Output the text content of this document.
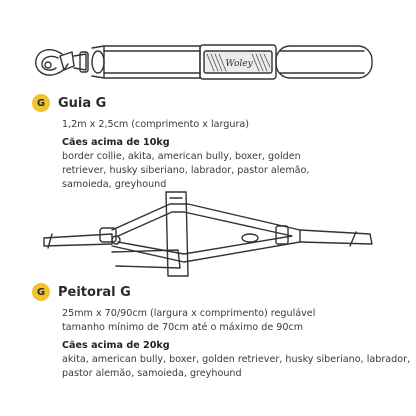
Woley
G Guia G
1,2m x 2,5cm (comprimento x largura)
Cães acima de 10kg
border collie, akita, american bully, boxer, golden
retriever, husky siberiano, labrador, pastor alemão,
samoieda, greyhound
G Peitoral G
25mm x 70/90cm (largura x comprimento) regulável
tamanho mínimo de 70cm até o máximo de 90cm
Cães acima de 20kg
akita, american bully, boxer, golden retriever, husky siberiano, labrador,
pastor alemão, samoieda, greyhound
